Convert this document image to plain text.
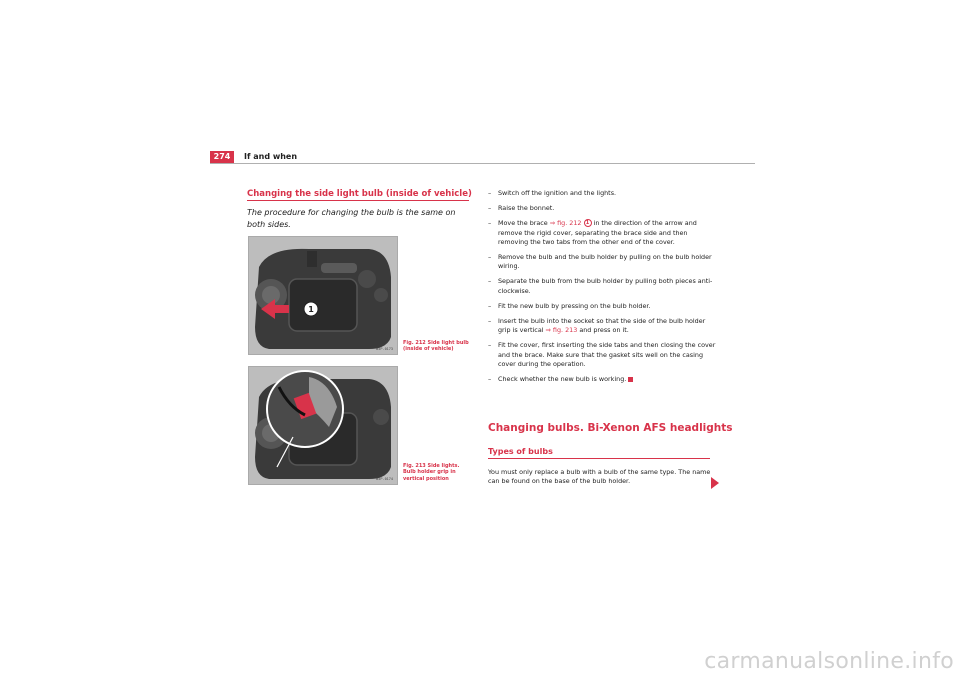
274	If and when
Changing the side light bulb (inside of vehicle)
The procedure for changing the bulb is the same on both sides.
1
B5P-0173
Fig. 212 Side light bulb (inside of vehicle)
B5P-0174
Fig. 213 Side lights. Bulb holder grip in vertical position
– Switch off the ignition and the lights.
– Raise the bonnet.
– Move the brace ⇒ fig. 212 1 in the direction of the arrow and remove the rigid cover, separating the brace side and then removing the two tabs from the other end of the cover.
– Remove the bulb and the bulb holder by pulling on the bulb holder wiring.
– Separate the bulb from the bulb holder by pulling both pieces anti-clockwise.
– Fit the new bulb by pressing on the bulb holder.
– Insert the bulb into the socket so that the side of the bulb holder grip is vertical ⇒ fig. 213 and press on it.
– Fit the cover, first inserting the side tabs and then closing the cover and the brace. Make sure that the gasket sits well on the casing cover during the operation.
– Check whether the new bulb is working.
Changing bulbs. Bi-Xenon AFS headlights
Types of bulbs
You must only replace a bulb with a bulb of the same type. The name can be found on the base of the bulb holder.
carmanualsonline.info
